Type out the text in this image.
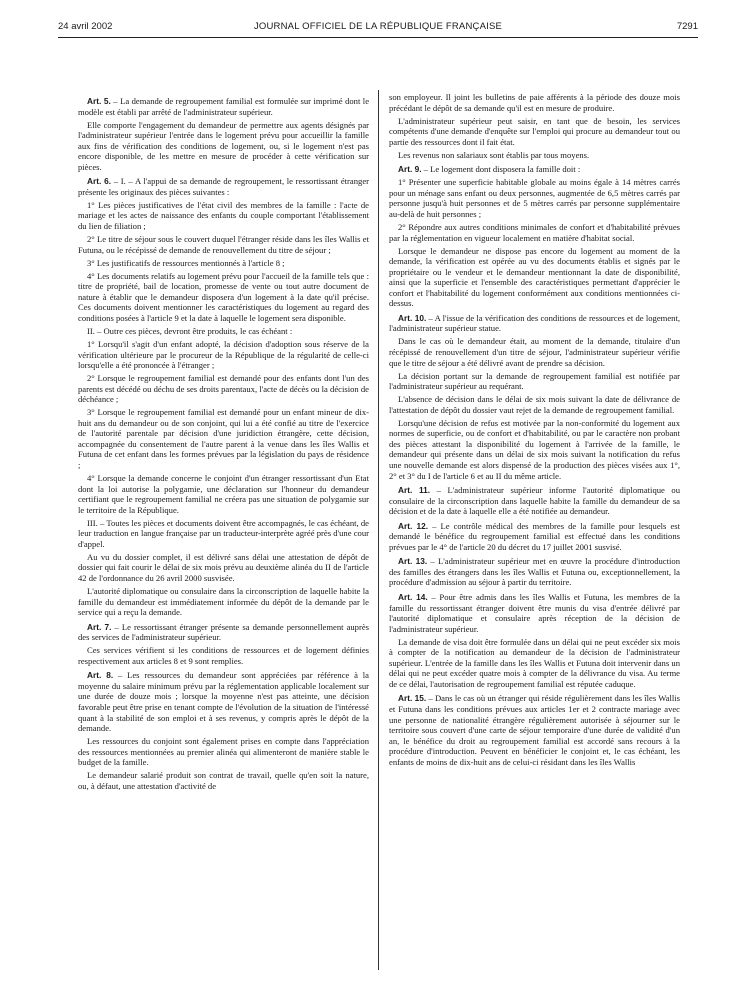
24 avril 2002	JOURNAL OFFICIEL DE LA RÉPUBLIQUE FRANÇAISE	7291

Art. 5. – La demande de regroupement familial est formulée sur imprimé dont le modèle est établi par arrêté de l'administrateur supérieur.

Elle comporte l'engagement du demandeur de permettre aux agents désignés par l'administrateur supérieur l'entrée dans le logement prévu pour accueillir la famille aux fins de vérification des conditions de logement, ou, si le logement n'est pas encore disponible, de les mettre en mesure de procéder à cette vérification sur pièces.

Art. 6. – I. – A l'appui de sa demande de regroupement, le ressortissant étranger présente les originaux des pièces suivantes :

1° Les pièces justificatives de l'état civil des membres de la famille : l'acte de mariage et les actes de naissance des enfants du couple comportant l'établissement du lien de filiation ;

2° Le titre de séjour sous le couvert duquel l'étranger réside dans les îles Wallis et Futuna, ou le récépissé de demande de renouvellement du titre de séjour ;

3° Les justificatifs de ressources mentionnés à l'article 8 ;

4° Les documents relatifs au logement prévu pour l'accueil de la famille tels que : titre de propriété, bail de location, promesse de vente ou tout autre document de nature à établir que le demandeur disposera d'un logement à la date qu'il précise. Ces documents doivent mentionner les caractéristiques du logement au regard des conditions posées à l'article 9 et la date à laquelle le logement sera disponible.

II. – Outre ces pièces, devront être produits, le cas échéant :

1° Lorsqu'il s'agit d'un enfant adopté, la décision d'adoption sous réserve de la vérification ultérieure par le procureur de la République de la régularité de celle-ci lorsqu'elle a été prononcée à l'étranger ;

2° Lorsque le regroupement familial est demandé pour des enfants dont l'un des parents est décédé ou déchu de ses droits parentaux, l'acte de décès ou la décision de déchéance ;

3° Lorsque le regroupement familial est demandé pour un enfant mineur de dix-huit ans du demandeur ou de son conjoint, qui lui a été confié au titre de l'exercice de l'autorité parentale par décision d'une juridiction étrangère, cette décision, accompagnée du consentement de l'autre parent à la venue dans les îles Wallis et Futuna de cet enfant dans les formes prévues par la législation du pays de résidence ;

4° Lorsque la demande concerne le conjoint d'un étranger ressortissant d'un Etat dont la loi autorise la polygamie, une déclaration sur l'honneur du demandeur certifiant que le regroupement familial ne créera pas une situation de polygamie sur le territoire de la République.

III. – Toutes les pièces et documents doivent être accompagnés, le cas échéant, de leur traduction en langue française par un traducteur-interprète agréé près d'une cour d'appel.

Au vu du dossier complet, il est délivré sans délai une attestation de dépôt de dossier qui fait courir le délai de six mois prévu au deuxième alinéa du II de l'article 42 de l'ordonnance du 26 avril 2000 susvisée.

L'autorité diplomatique ou consulaire dans la circonscription de laquelle habite la famille du demandeur est immédiatement informée du dépôt de la demande par le service qui a reçu la demande.

Art. 7. – Le ressortissant étranger présente sa demande personnellement auprès des services de l'administrateur supérieur.

Ces services vérifient si les conditions de ressources et de logement définies respectivement aux articles 8 et 9 sont remplies.

Art. 8. – Les ressources du demandeur sont appréciées par référence à la moyenne du salaire minimum prévu par la réglementation applicable localement sur une durée de douze mois ; lorsque la moyenne n'est pas atteinte, une décision favorable peut être prise en tenant compte de l'évolution de la situation de l'intéressé quant à la stabilité de son emploi et à ses revenus, y compris après le dépôt de la demande.

Les ressources du conjoint sont également prises en compte dans l'appréciation des ressources mentionnées au premier alinéa qui alimenteront de manière stable le budget de la famille.

Le demandeur salarié produit son contrat de travail, quelle qu'en soit la nature, ou, à défaut, une attestation d'activité de

son employeur. Il joint les bulletins de paie afférents à la période des douze mois précédant le dépôt de sa demande qu'il est en mesure de produire.

L'administrateur supérieur peut saisir, en tant que de besoin, les services compétents d'une demande d'enquête sur l'emploi qui procure au demandeur tout ou partie des ressources dont il fait état.

Les revenus non salariaux sont établis par tous moyens.

Art. 9. – Le logement dont disposera la famille doit :

1° Présenter une superficie habitable globale au moins égale à 14 mètres carrés pour un ménage sans enfant ou deux personnes, augmentée de 6,5 mètres carrés par personne jusqu'à huit personnes et de 5 mètres carrés par personne supplémentaire au-delà de huit personnes ;

2° Répondre aux autres conditions minimales de confort et d'habitabilité prévues par la réglementation en vigueur localement en matière d'habitat social.

Lorsque le demandeur ne dispose pas encore du logement au moment de la demande, la vérification est opérée au vu des documents établis et signés par le propriétaire ou le vendeur et le demandeur mentionnant la date de disponibilité, ainsi que la superficie et l'ensemble des caractéristiques permettant d'apprécier le confort et l'habitabilité du logement conformément aux conditions mentionnées ci-dessus.

Art. 10. – A l'issue de la vérification des conditions de ressources et de logement, l'administrateur supérieur statue.

Dans le cas où le demandeur était, au moment de la demande, titulaire d'un récépissé de renouvellement d'un titre de séjour, l'administrateur supérieur vérifie que le titre de séjour a été délivré avant de prendre sa décision.

La décision portant sur la demande de regroupement familial est notifiée par l'administrateur supérieur au requérant.

L'absence de décision dans le délai de six mois suivant la date de délivrance de l'attestation de dépôt du dossier vaut rejet de la demande de regroupement familial.

Lorsqu'une décision de refus est motivée par la non-conformité du logement aux normes de superficie, ou de confort et d'habitabilité, ou par le caractère non probant des pièces attestant la disponibilité du logement à l'arrivée de la famille, le demandeur qui présente dans un délai de six mois suivant la notification du refus une nouvelle demande est alors dispensé de la production des pièces visées aux 1°, 2° et 3° du I de l'article 6 et au II du même article.

Art. 11. – L'administrateur supérieur informe l'autorité diplomatique ou consulaire de la circonscription dans laquelle habite la famille du demandeur de sa décision et de la date à laquelle elle a été notifiée au demandeur.

Art. 12. – Le contrôle médical des membres de la famille pour lesquels est demandé le bénéfice du regroupement familial est effectué dans les conditions prévues par le 4° de l'article 20 du décret du 17 juillet 2001 susvisé.

Art. 13. – L'administrateur supérieur met en œuvre la procédure d'introduction des familles des étrangers dans les îles Wallis et Futuna ou, exceptionnellement, la procédure d'admission au séjour à partir du territoire.

Art. 14. – Pour être admis dans les îles Wallis et Futuna, les membres de la famille du ressortissant étranger doivent être munis du visa d'entrée délivré par l'autorité diplomatique et consulaire après réception de la décision de l'administrateur supérieur.

La demande de visa doit être formulée dans un délai qui ne peut excéder six mois à compter de la notification au demandeur de la décision de l'administrateur supérieur. L'entrée de la famille dans les îles Wallis et Futuna doit intervenir dans un délai qui ne peut excéder quatre mois à compter de la délivrance du visa. Au terme de ce délai, l'autorisation de regroupement familial est réputée caduque.

Art. 15. – Dans le cas où un étranger qui réside régulièrement dans les îles Wallis et Futuna dans les conditions prévues aux articles 1er et 2 contracte mariage avec une personne de nationalité étrangère régulièrement autorisée à séjourner sur le territoire sous couvert d'une carte de séjour temporaire d'une durée de validité d'un an, le bénéfice du droit au regroupement familial est accordé sans recours à la procédure d'introduction. Peuvent en bénéficier le conjoint et, le cas échéant, les enfants de moins de dix-huit ans de celui-ci résidant dans les îles Wallis
